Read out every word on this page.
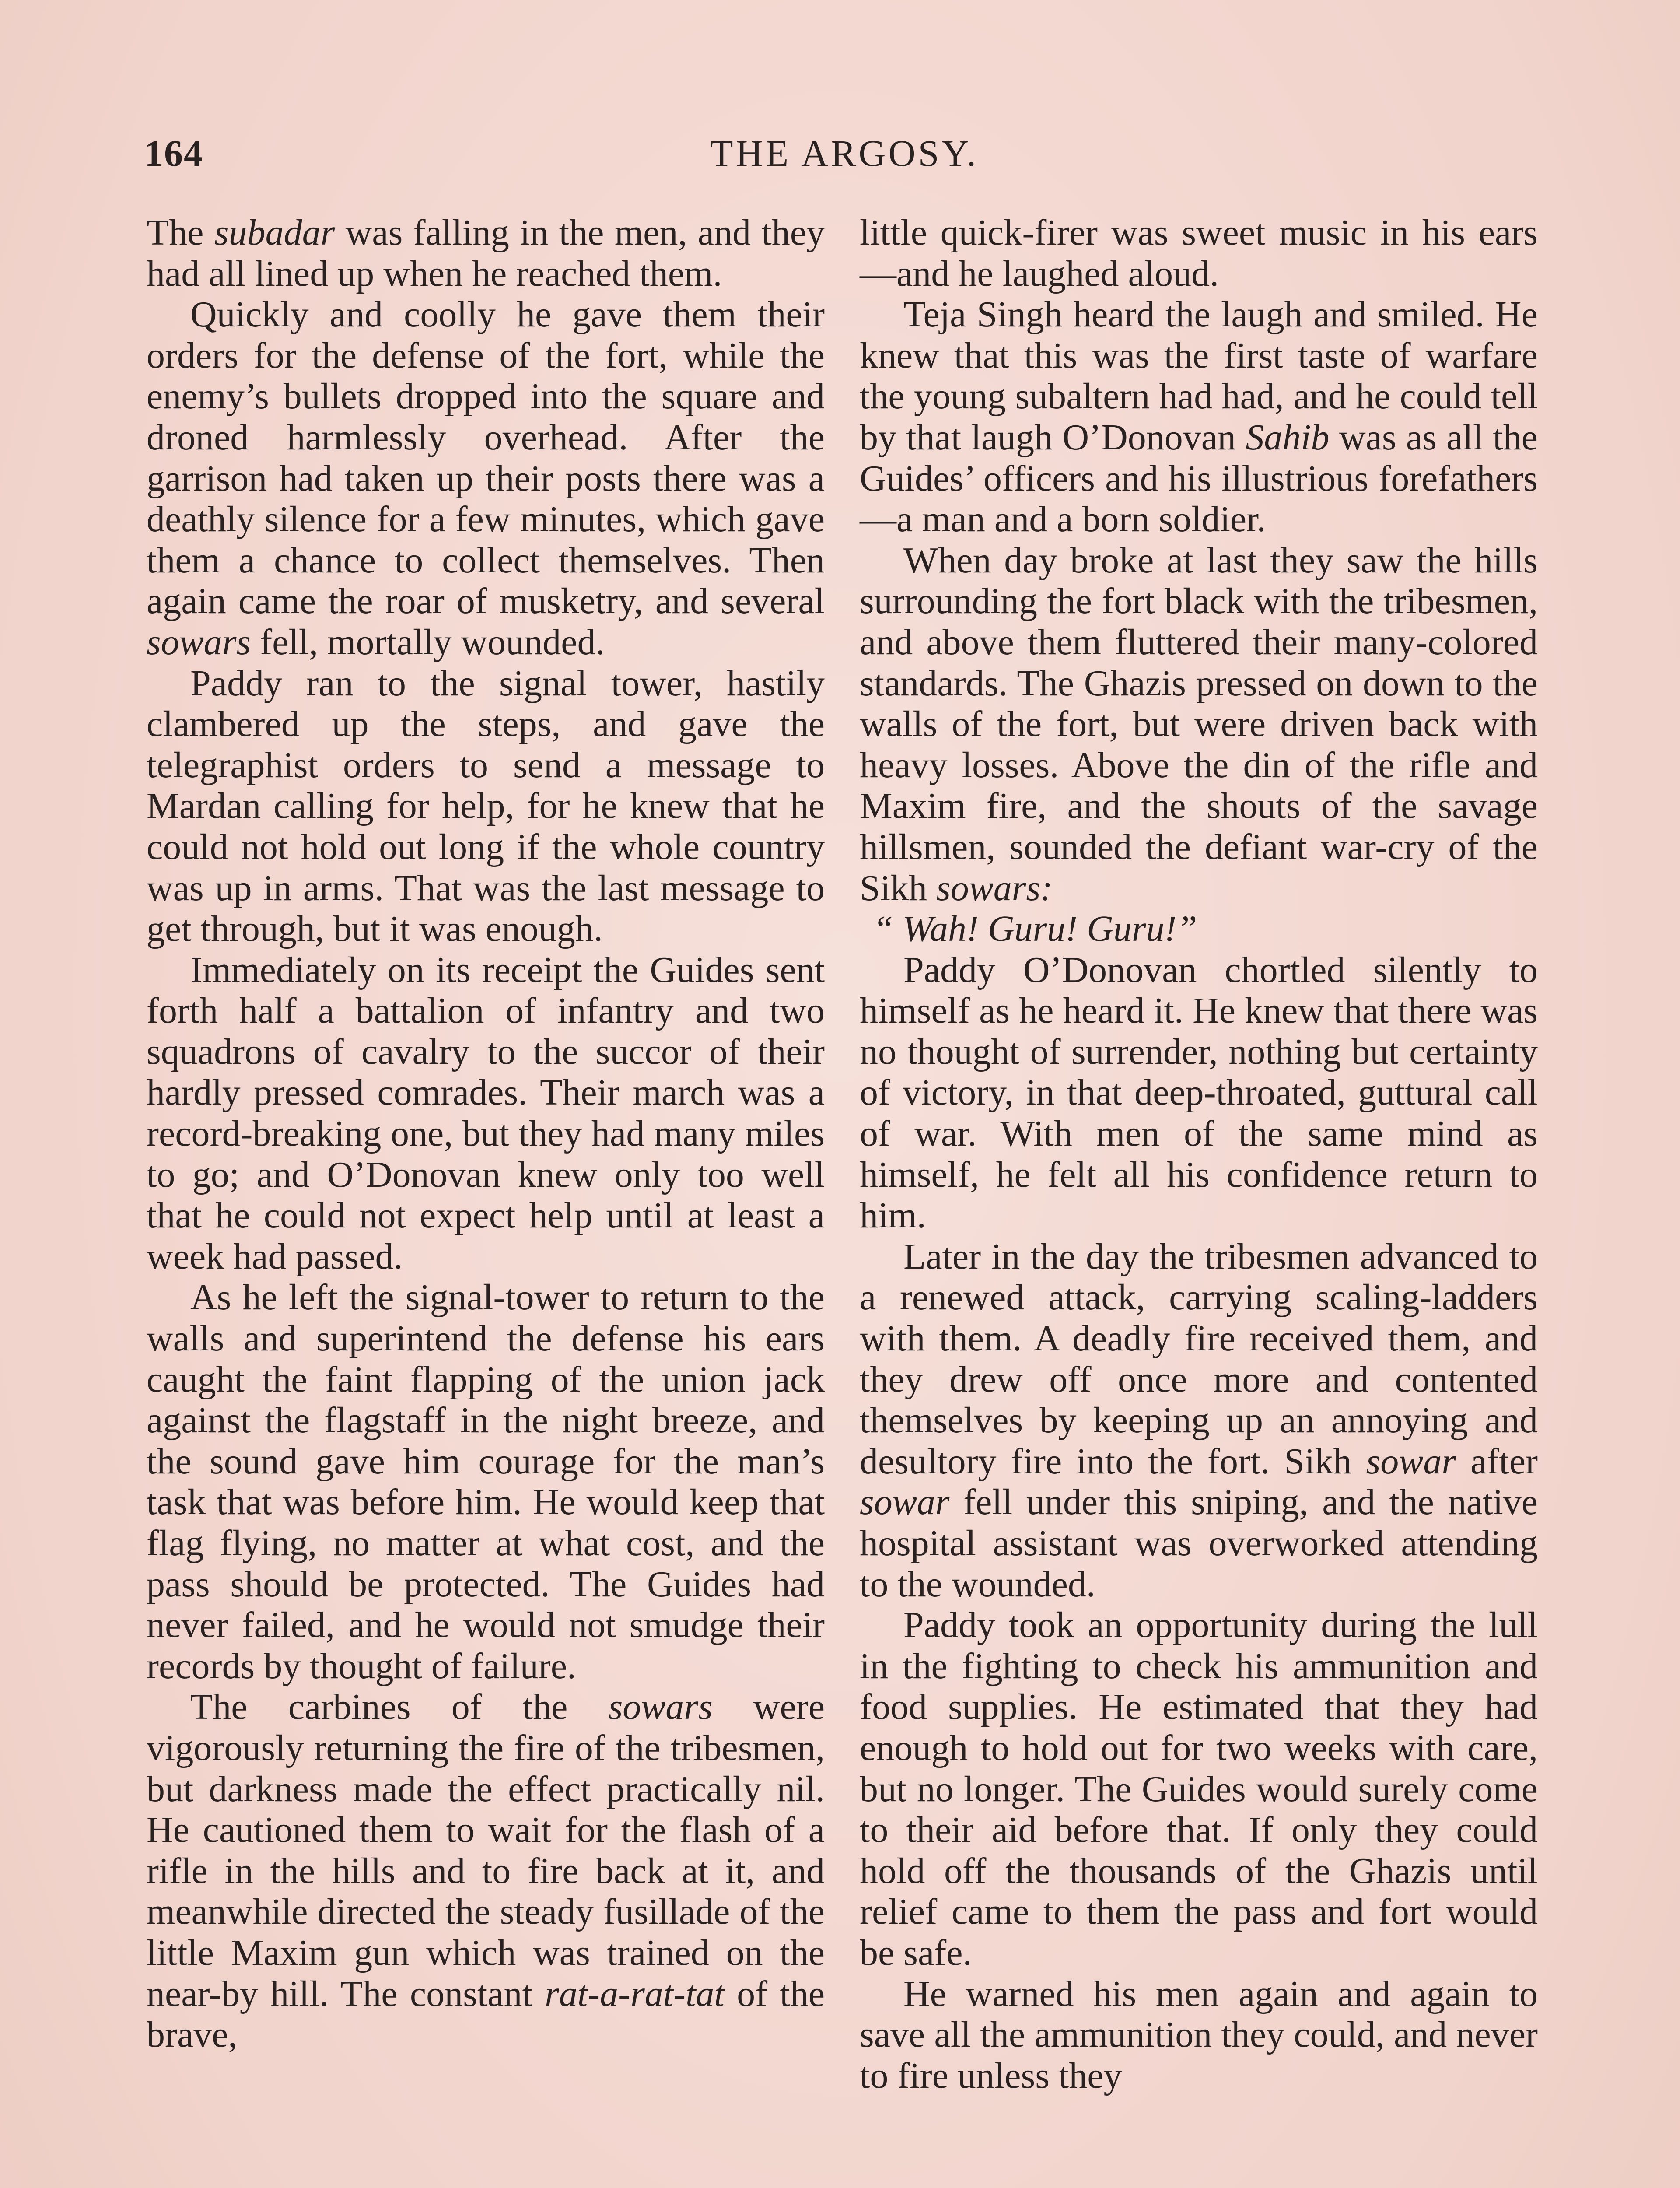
164	THE ARGOSY.

The subadar was falling in the men, and they had all lined up when he reached them.

Quickly and coolly he gave them their orders for the defense of the fort, while the enemy’s bullets dropped into the square and droned harmlessly overhead. After the garrison had taken up their posts there was a deathly silence for a few minutes, which gave them a chance to collect themselves. Then again came the roar of musketry, and several sowars fell, mortally wounded.

Paddy ran to the signal tower, hastily clambered up the steps, and gave the telegraphist orders to send a message to Mardan calling for help, for he knew that he could not hold out long if the whole country was up in arms. That was the last message to get through, but it was enough.

Immediately on its receipt the Guides sent forth half a battalion of infantry and two squadrons of cavalry to the succor of their hardly pressed comrades. Their march was a record-breaking one, but they had many miles to go; and O’Donovan knew only too well that he could not expect help until at least a week had passed.

As he left the signal-tower to return to the walls and superintend the defense his ears caught the faint flapping of the union jack against the flagstaff in the night breeze, and the sound gave him courage for the man’s task that was before him. He would keep that flag flying, no matter at what cost, and the pass should be protected. The Guides had never failed, and he would not smudge their records by thought of failure.

The carbines of the sowars were vigorously returning the fire of the tribesmen, but darkness made the effect practically nil. He cautioned them to wait for the flash of a rifle in the hills and to fire back at it, and meanwhile directed the steady fusillade of the little Maxim gun which was trained on the near-by hill. The constant rat-a-rat-tat of the brave,

little quick-firer was sweet music in his ears—and he laughed aloud.

Teja Singh heard the laugh and smiled. He knew that this was the first taste of warfare the young subaltern had had, and he could tell by that laugh O’Donovan Sahib was as all the Guides’ officers and his illustrious forefathers—a man and a born soldier.

When day broke at last they saw the hills surrounding the fort black with the tribesmen, and above them fluttered their many-colored standards. The Ghazis pressed on down to the walls of the fort, but were driven back with heavy losses. Above the din of the rifle and Maxim fire, and the shouts of the savage hillsmen, sounded the defiant war-cry of the Sikh sowars:

“ Wah! Guru! Guru!”

Paddy O’Donovan chortled silently to himself as he heard it. He knew that there was no thought of surrender, nothing but certainty of victory, in that deep-throated, guttural call of war. With men of the same mind as himself, he felt all his confidence return to him.

Later in the day the tribesmen advanced to a renewed attack, carrying scaling-ladders with them. A deadly fire received them, and they drew off once more and contented themselves by keeping up an annoying and desultory fire into the fort. Sikh sowar after sowar fell under this sniping, and the native hospital assistant was overworked attending to the wounded.

Paddy took an opportunity during the lull in the fighting to check his ammunition and food supplies. He estimated that they had enough to hold out for two weeks with care, but no longer. The Guides would surely come to their aid before that. If only they could hold off the thousands of the Ghazis until relief came to them the pass and fort would be safe.

He warned his men again and again to save all the ammunition they could, and never to fire unless they
